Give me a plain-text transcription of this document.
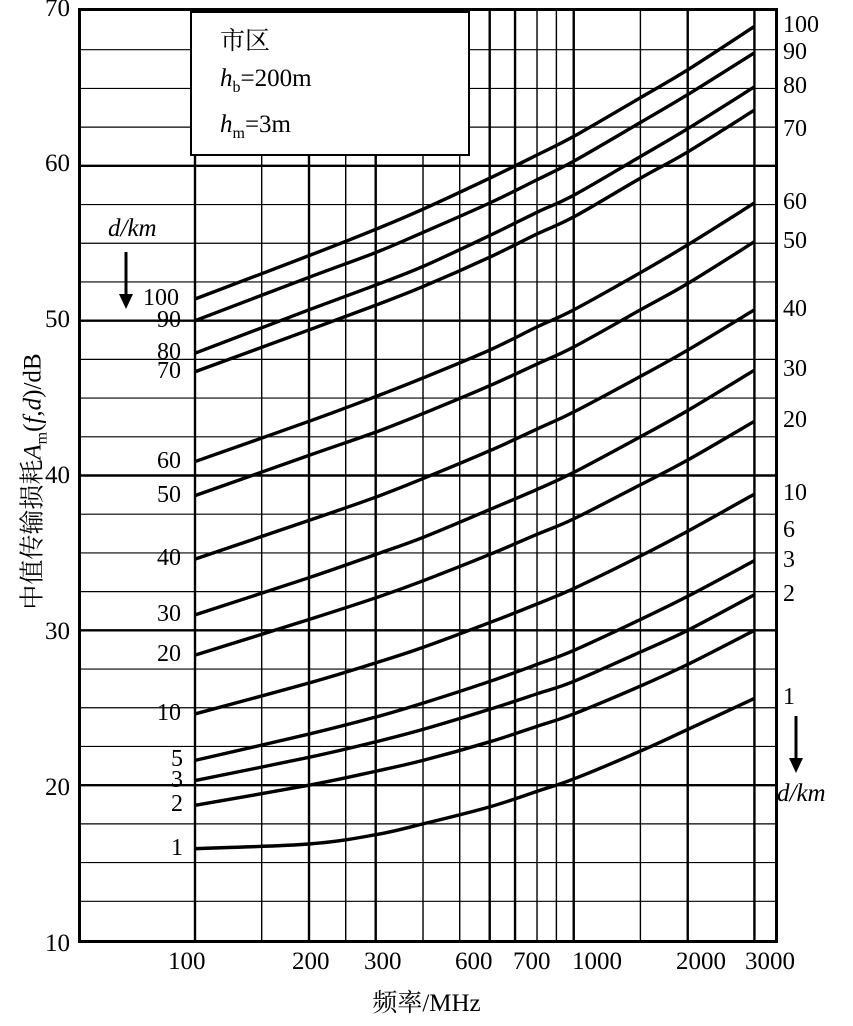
70
60
50
40
30
20
10
100	200 300 600 700 1000 2000 3000
频率/MHz
中值传输损耗$A_m(f,d)/dB$
市区
$h_b=200m$
$h_m=3m$
d/km
d/km
1
2
3
5
10
20
30
40
50
60
70
80
90
100
100
90
80
70
60
50
40
30
20
10
6
3
2
1
